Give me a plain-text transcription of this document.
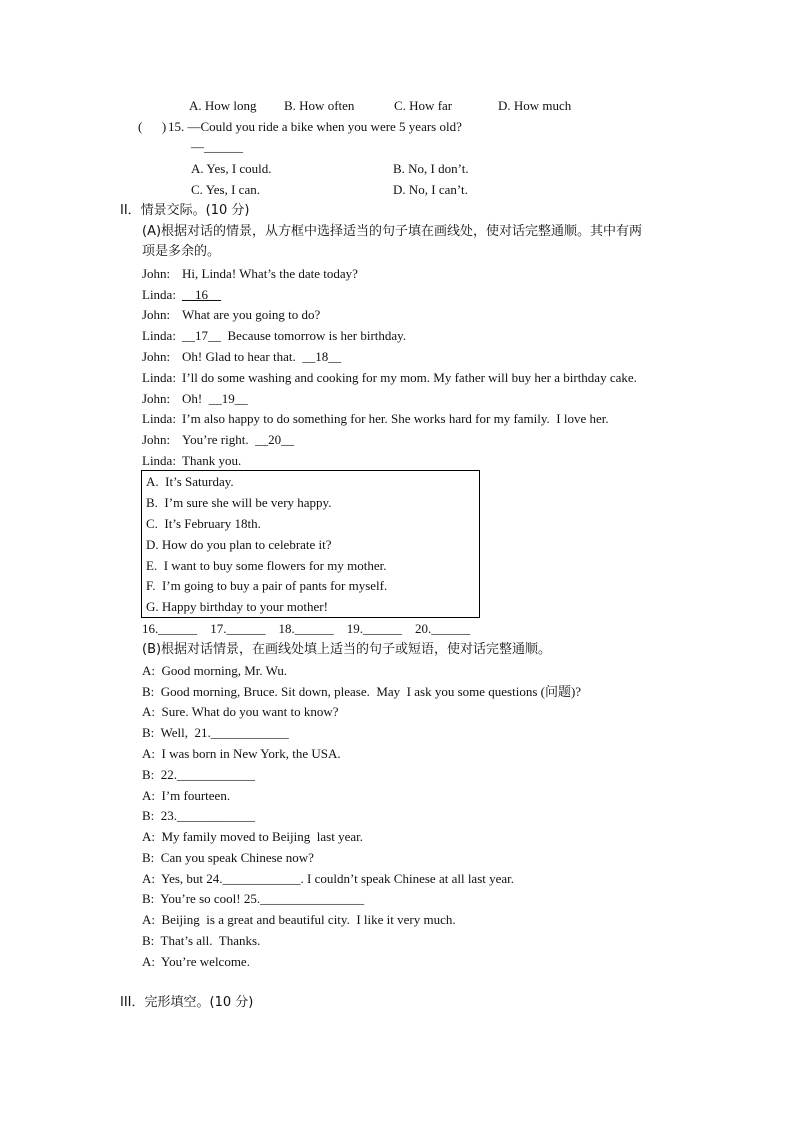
A. How long B. How often	C. How far	D. How much
(      ) 15. —Could you ride a bike when you were 5 years old?
—______
A. Yes, I could.	B. No, I don’t.
C. Yes, I can.	D. No, I can’t.
II．情景交际。(10 分)
(A)根据对话的情景，从方框中选择适当的句子填在画线处，使对话完整通顺。其中有两
项是多余的。
John: Hi, Linda! What’s the date today?
Linda: __16__
John: What are you going to do?
Linda: __17__  Because tomorrow is her birthday.
John: Oh! Glad to hear that.  __18__
Linda: I’ll do some washing and cooking for my mom. My father will buy her a birthday cake.
John: Oh!  __19__
Linda: I’m also happy to do something for her. She works hard for my family.  I love her.
John: You’re right.  __20__
Linda: Thank you.
A.  It’s Saturday.
B.  I’m sure she will be very happy.
C.  It’s February 18th.
D. How do you plan to celebrate it?
E.  I want to buy some flowers for my mother.
F.  I’m going to buy a pair of pants for myself.
G. Happy birthday to your mother!
16.______    17.______    18.______    19.______    20.______
(B)根据对话情景，在画线处填上适当的句子或短语，使对话完整通顺。
A:  Good morning, Mr. Wu.
B:  Good morning, Bruce. Sit down, please.  May  I ask you some questions (问题)?
A:  Sure. What do you want to know?
B:  Well,  21.____________
A:  I was born in New York, the USA.
B:  22.____________
A:  I’m fourteen.
B:  23.____________
A:  My family moved to Beijing  last year.
B:  Can you speak Chinese now?
A:  Yes, but 24.____________. I couldn’t speak Chinese at all last year.
B:  You’re so cool! 25.________________
A:  Beijing  is a great and beautiful city.  I like it very much.
B:  That’s all.  Thanks.
A:  You’re welcome.
III．完形填空。(10 分)
